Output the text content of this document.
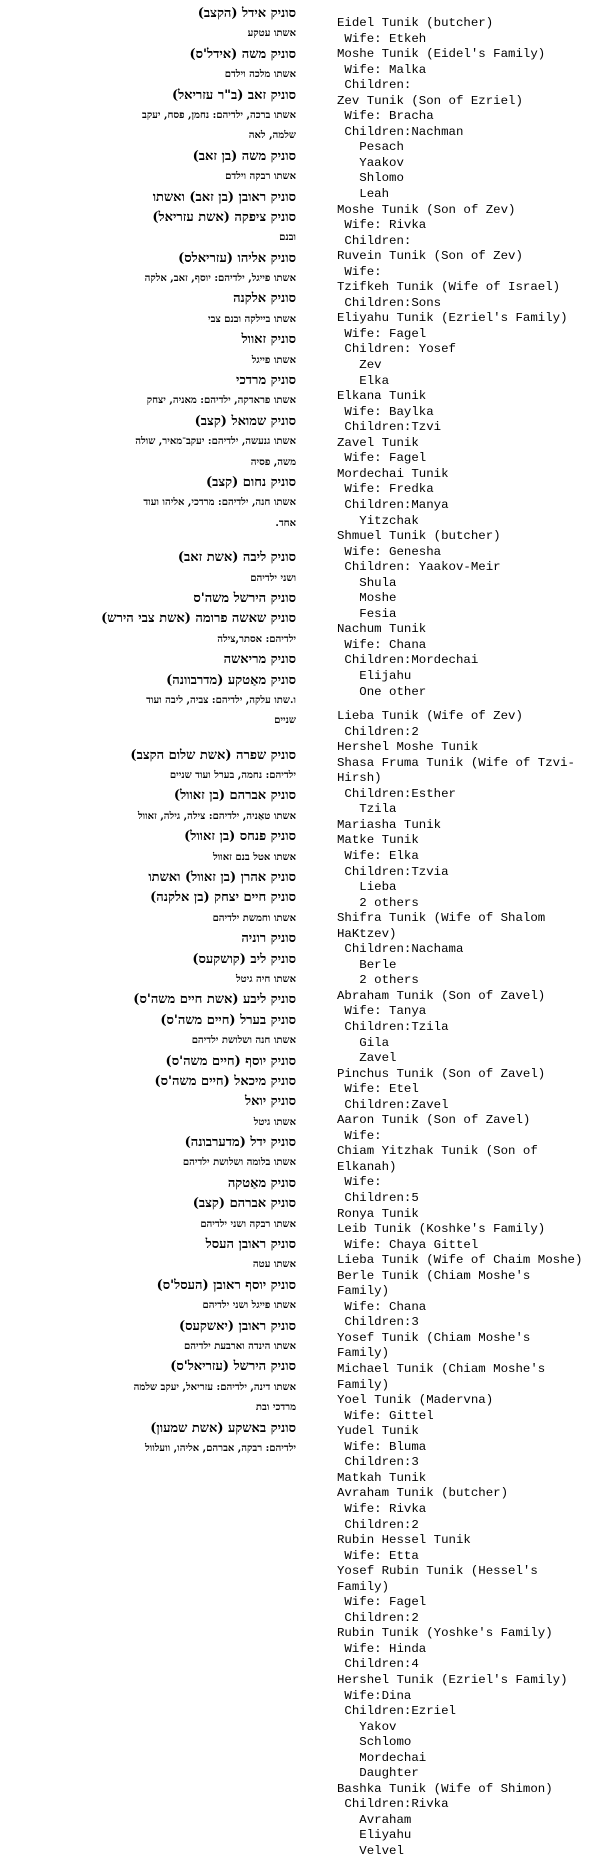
סוניק אידל (הקצב)
אשתו עטקע
סוניק משה (אידל'ס)
אשתו מלכה וילדם
סוניק זאב (ב"ר עזריאל)
אשתו ברכה, ילדיהם: נחמן, פסח, יעקב
שלמה, לאה
סוניק משה (בן זאב)
אשתו רבקה וילדם
סוניק ראובן (בן זאב) ואשתו
סוניק ציפקה (אשת עזריאל)
ובנם
סוניק אליהו (עזריאלס)
אשתו פייגל, ילדיהם: יוסף, זאב, אלקה
סוניק אלקנה
אשתו ביילקה ובנם צבי
סוניק זאוול
אשתו פייגל
סוניק מרדכי
אשתו פראדקה, ילדיהם: מאניה, יצחק
סוניק שמואל (קצב)
אשתו גנעשה, ילדיהם: יעקב־מאיר, שולה
משה, פסיה
סוניק נחום (קצב)
אשתו חנה, ילדיהם: מרדכי, אליהו ועוד
אחד.
סוניק ליבה (אשת זאב)
ושני ילדיהם
סוניק הירשל משה'ס
סוניק שאשה פרומה (אשת צבי הירש)
ילדיהם: אסתר,צילה
סוניק מריאשה
סוניק מאַטקע (מדרבוונה)
ו.שתו עלקה, ילדיהם: צביה, ליבה ועוד
שניים
סוניק שפרה (אשת שלום הקצב)
ילדיהם: נחמה, בערל ועוד שניים
סוניק אברהם (בן זאוול)
אשתו טאַניה, ילדיהם: צילה, גילה, זאוול
סוניק פנחס (בן זאוול)
אשתו אטל בנם זאוול
סוניק אהרן (בן זאוול) ואשתו
סוניק חיים יצחק (בן אלקנה)
אשתו וחמשת ילדיהם
סוניק רוניה
סוניק ליב (קושקעס)
אשתו חיה גיטל
סוניק ליבע (אשת חיים משה'ס)
סוניק בערל (חיים משה'ס)
אשתו חנה ושלושת ילדיהם
סוניק יוסף (חיים משה'ס)
סוניק מיכאל (חיים משה'ס)
סוניק יואל
אשתו גיטל
סוניק ידל (מדערבונה)
אשתו בלומה ושלושת ילדיהם
סוניק מאַטקה
סוניק אברהם (קצב)
אשתו רבקה ושני ילדיהם
סוניק ראובן העסל
אשתו עטה
סוניק יוסף ראובן (העסל'ס)
אשתו פייגל ושני ילדיהם
סוניק ראובן (יאשקעס)
אשתו הינדה וארבעת ילדיהם
סוניק הירשל (עזריאל'ס)
אשתו דינה, ילדיהם: עזריאל, יעקב שלמה
מרדכי ובת
סוניק באשקע (אשת שמעון)
ילדיהם: רבקה, אברהם, אליהו, וועלוול
Eidel Tunik (butcher)
Wife: Etkeh
Moshe Tunik (Eidel's Family)
Wife: Malka
Children:
Zev Tunik (Son of Ezriel)
Wife: Bracha
Children:Nachman
Pesach
Yaakov
Shlomo
Leah
Moshe Tunik (Son of Zev)
Wife: Rivka
Children:
Ruvein Tunik (Son of Zev)
Wife:
Tzifkeh Tunik (Wife of Israel)
Children:Sons
Eliyahu Tunik (Ezriel's Family)
Wife: Fagel
Children: Yosef
Zev
Elka
Elkana Tunik
Wife: Baylka
Children:Tzvi
Zavel Tunik
Wife: Fagel
Mordechai Tunik
Wife: Fredka
Children:Manya
Yitzchak
Shmuel Tunik (butcher)
Wife: Genesha
Children: Yaakov-Meir
Shula
Moshe
Fesia
Nachum Tunik
Wife: Chana
Children:Mordechai
Elijahu
One other
Lieba Tunik (Wife of Zev)
Children:2
Hershel Moshe Tunik
Shasa Fruma Tunik (Wife of Tzvi-
Hirsh)
Children:Esther
Tzila
Mariasha Tunik
Matke Tunik
Wife: Elka
Children:Tzvia
Lieba
2 others
Shifra Tunik (Wife of Shalom
HaKtzev)
Children:Nachama
Berle
2 others
Abraham Tunik (Son of Zavel)
Wife: Tanya
Children:Tzila
Gila
Zavel
Pinchus Tunik (Son of Zavel)
Wife: Etel
Children:Zavel
Aaron Tunik (Son of Zavel)
Wife:
Chiam Yitzhak Tunik (Son of
Elkanah)
Wife:
Children:5
Ronya Tunik
Leib Tunik (Koshke's Family)
Wife: Chaya Gittel
Lieba Tunik (Wife of Chaim Moshe)
Berle Tunik (Chiam Moshe's
Family)
Wife: Chana
Children:3
Yosef Tunik (Chiam Moshe's
Family)
Michael Tunik (Chiam Moshe's
Family)
Yoel Tunik (Madervna)
Wife: Gittel
Yudel Tunik
Wife: Bluma
Children:3
Matkah Tunik
Avraham Tunik (butcher)
Wife: Rivka
Children:2
Rubin Hessel Tunik
Wife: Etta
Yosef Rubin Tunik (Hessel's
Family)
Wife: Fagel
Children:2
Rubin Tunik (Yoshke's Family)
Wife: Hinda
Children:4
Hershel Tunik (Ezriel's Family)
Wife:Dina
Children:Ezriel
Yakov
Schlomo
Mordechai
Daughter
Bashka Tunik (Wife of Shimon)
Children:Rivka
Avraham
Eliyahu
Velvel
